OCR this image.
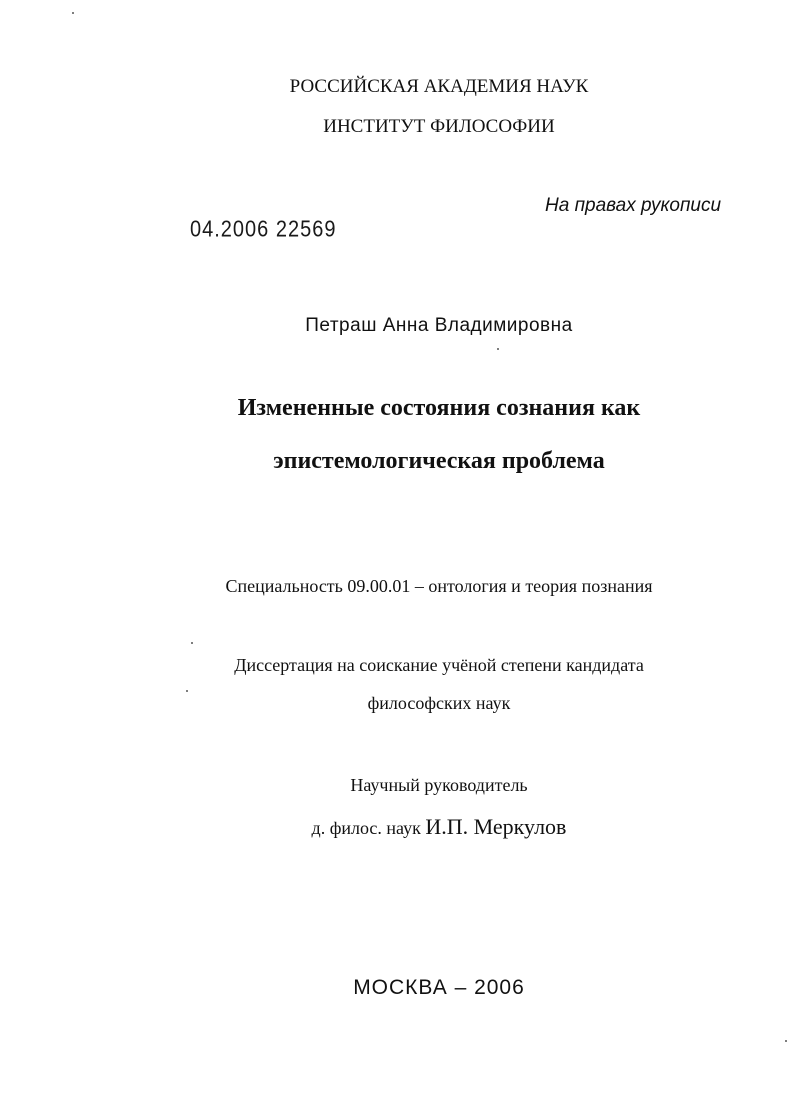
РОССИЙСКАЯ АКАДЕМИЯ НАУК
ИНСТИТУТ ФИЛОСОФИИ
На правах рукописи
04.2006 22569
Петраш Анна Владимировна
Измененные состояния сознания как
эпистемологическая проблема
Специальность 09.00.01 – онтология и теория познания
Диссертация на соискание учёной степени кандидата
философских наук
Научный руководитель
д. филос. наук И.П. Меркулов
МОСКВА – 2006
